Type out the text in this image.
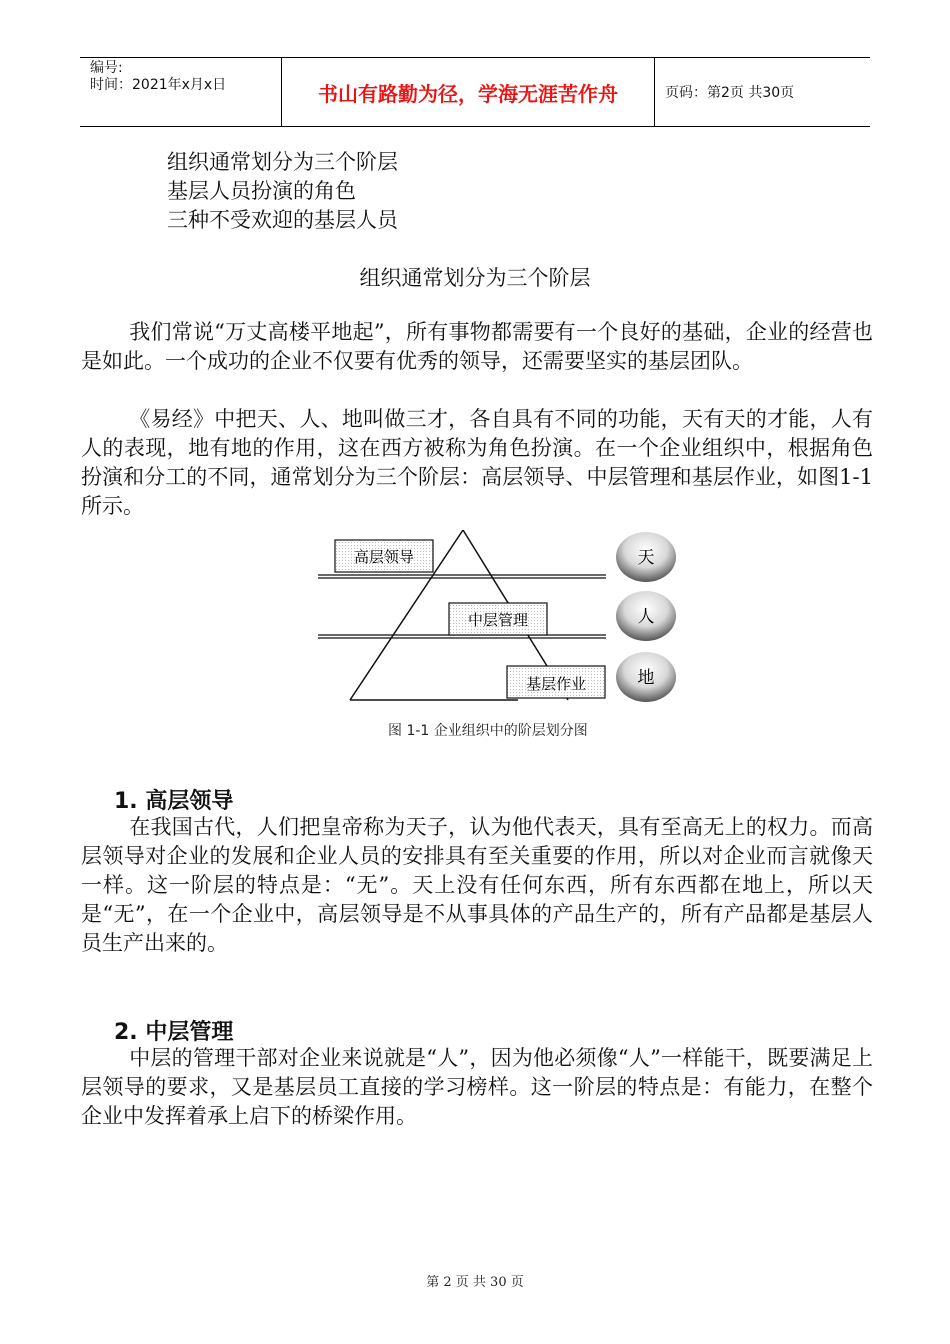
编号:
时间：2021年x月x日	书山有路勤为径，学海无涯苦作舟	页码：第2页 共30页
组织通常划分为三个阶层
基层人员扮演的角色
三种不受欢迎的基层人员
组织通常划分为三个阶层

我们常说“万丈高楼平地起”，所有事物都需要有一个良好的基础，企业的经营也是如此。一个成功的企业不仅要有优秀的领导，还需要坚实的基层团队。

《易经》中把天、人、地叫做三才，各自具有不同的功能，天有天的才能，人有人的表现，地有地的作用，这在西方被称为角色扮演。在一个企业组织中，根据角色扮演和分工的不同，通常划分为三个阶层：高层领导、中层管理和基层作业，如图1-1所示。

高层领导
中层管理
基层作业
天
人
地
图 1-1 企业组织中的阶层划分图
1. 高层领导

在我国古代，人们把皇帝称为天子，认为他代表天，具有至高无上的权力。而高层领导对企业的发展和企业人员的安排具有至关重要的作用，所以对企业而言就像天一样。这一阶层的特点是：“无”。天上没有任何东西，所有东西都在地上，所以天是“无”，在一个企业中，高层领导是不从事具体的产品生产的，所有产品都是基层人员生产出来的。

2. 中层管理

中层的管理干部对企业来说就是“人”，因为他必须像“人”一样能干，既要满足上层领导的要求，又是基层员工直接的学习榜样。这一阶层的特点是：有能力，在整个企业中发挥着承上启下的桥梁作用。

第 2 页 共 30 页
